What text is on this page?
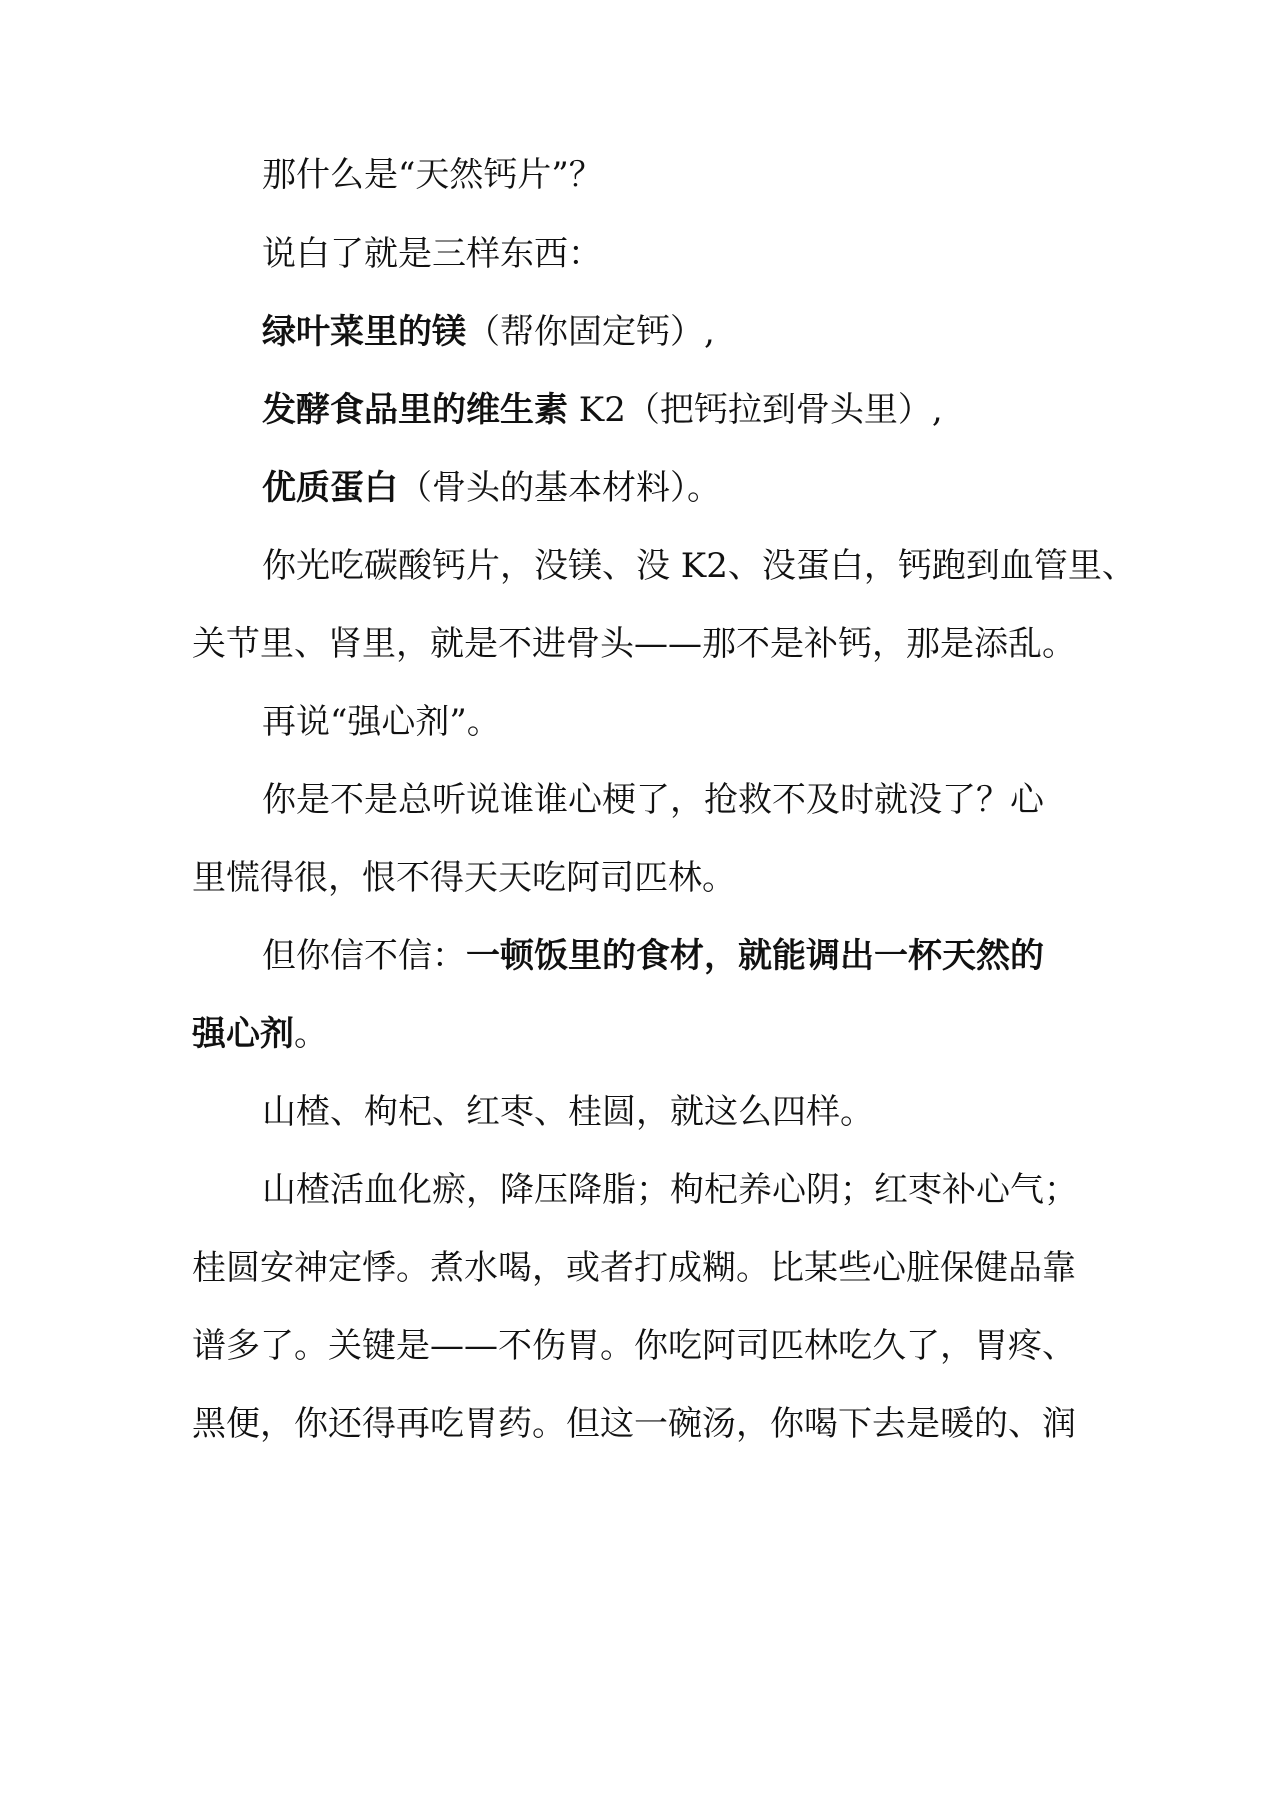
那什么是“天然钙片”？
说白了就是三样东西：
绿叶菜里的镁（帮你固定钙）,
发酵食品里的维生素 K2（把钙拉到骨头里）,
优质蛋白（骨头的基本材料）。
你光吃碳酸钙片，没镁、没 K2、没蛋白，钙跑到血管里、
关节里、肾里，就是不进骨头——那不是补钙，那是添乱。
再说“强心剂”。
你是不是总听说谁谁心梗了，抢救不及时就没了？心
里慌得很，恨不得天天吃阿司匹林。
但你信不信：一顿饭里的食材，就能调出一杯天然的
强心剂。
山楂、枸杞、红枣、桂圆，就这么四样。
山楂活血化瘀，降压降脂；枸杞养心阴；红枣补心气；
桂圆安神定悸。煮水喝，或者打成糊。比某些心脏保健品靠
谱多了。关键是——不伤胃。你吃阿司匹林吃久了，胃疼、
黑便，你还得再吃胃药。但这一碗汤，你喝下去是暖的、润
